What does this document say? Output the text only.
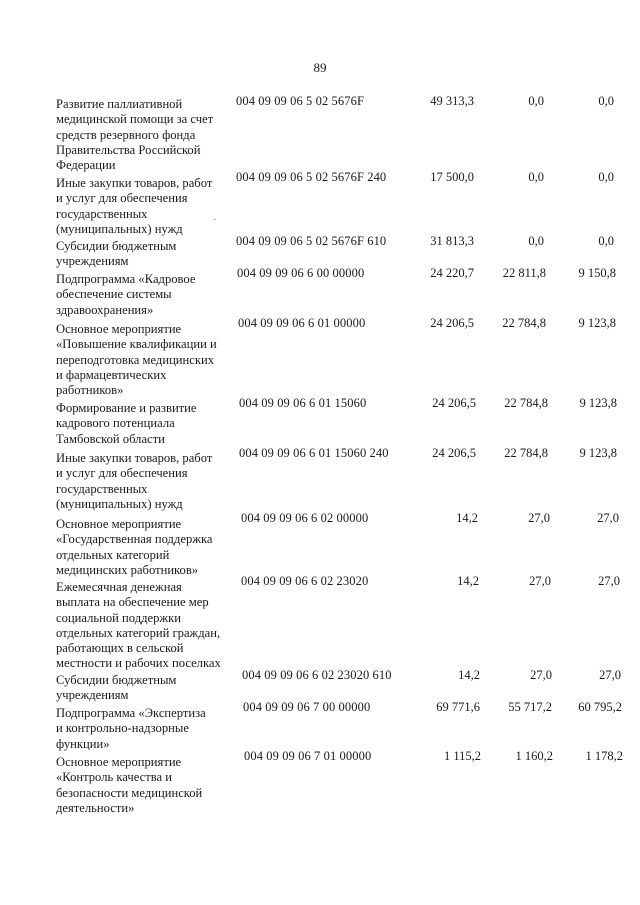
89
Развитие паллиативной
медицинской помощи за счет
средств резервного фонда
Правительства Российской
Федерации
004 09 09 06 5 02 5676F	49 313,3	0,0	0,0
Иные закупки товаров, работ
и услуг для обеспечения
государственных
(муниципальных) нужд
004 09 09 06 5 02 5676F 240	17 500,0	0,0	0,0
.
Субсидии бюджетным
учреждениям
004 09 09 06 5 02 5676F 610	31 813,3	0,0	0,0
Подпрограмма «Кадровое
обеспечение системы
здравоохранения»
004 09 09 06 6 00 00000	24 220,7	22 811,8	9 150,8
Основное мероприятие
«Повышение квалификации и
переподготовка медицинских
и фармацевтических
работников»
004 09 09 06 6 01 00000	24 206,5	22 784,8	9 123,8
Формирование и развитие
кадрового потенциала
Тамбовской области
004 09 09 06 6 01 15060	24 206,5	22 784,8	9 123,8
Иные закупки товаров, работ
и услуг для обеспечения
государственных
(муниципальных) нужд
004 09 09 06 6 01 15060 240	24 206,5	22 784,8	9 123,8
Основное мероприятие
«Государственная поддержка
отдельных категорий
медицинских работников»
004 09 09 06 6 02 00000	14,2	27,0	27,0
Ежемесячная денежная
выплата на обеспечение мер
социальной поддержки
отдельных категорий граждан,
работающих в сельской
местности и рабочих поселках
004 09 09 06 6 02 23020	14,2	27,0	27,0
Субсидии бюджетным
учреждениям
004 09 09 06 6 02 23020 610	14,2	27,0	27,0
Подпрограмма «Экспертиза
и контрольно-надзорные
функции»
004 09 09 06 7 00 00000	69 771,6	55 717,2	60 795,2
Основное мероприятие
«Контроль качества и
безопасности медицинской
деятельности»
004 09 09 06 7 01 00000	1 115,2	1 160,2	1 178,2
